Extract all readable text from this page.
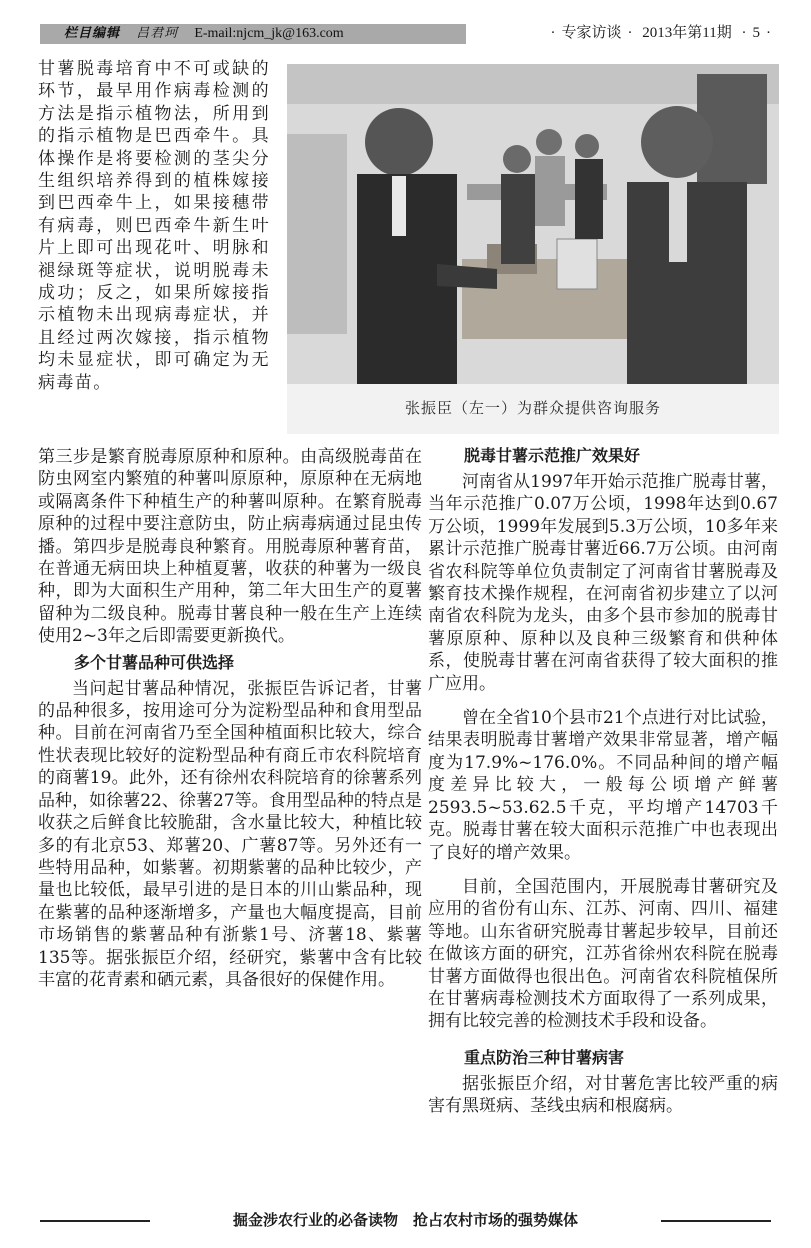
栏目编辑 吕君珂 E-mail:njcm_jk@163.com	· 专家访谈 · 2013年第11期 · 5 ·
张振臣（左一）为群众提供咨询服务

甘薯脱毒培育中不可或缺的环节，最早用作病毒检测的方法是指示植物法，所用到的指示植物是巴西牵牛。具体操作是将要检测的茎尖分生组织培养得到的植株嫁接到巴西牵牛上，如果接穗带有病毒，则巴西牵牛新生叶片上即可出现花叶、明脉和褪绿斑等症状，说明脱毒未成功；反之，如果所嫁接指示植物未出现病毒症状，并且经过两次嫁接，指示植物均未显症状，即可确定为无病毒苗。

第三步是繁育脱毒原原种和原种。由高级脱毒苗在防虫网室内繁殖的种薯叫原原种，原原种在无病地或隔离条件下种植生产的种薯叫原种。在繁育脱毒原种的过程中要注意防虫，防止病毒病通过昆虫传播。第四步是脱毒良种繁育。用脱毒原种薯育苗，在普通无病田块上种植夏薯，收获的种薯为一级良种，即为大面积生产用种，第二年大田生产的夏薯留种为二级良种。脱毒甘薯良种一般在生产上连续使用2~3年之后即需要更新换代。

多个甘薯品种可供选择

当问起甘薯品种情况，张振臣告诉记者，甘薯的品种很多，按用途可分为淀粉型品种和食用型品种。目前在河南省乃至全国种植面积比较大，综合性状表现比较好的淀粉型品种有商丘市农科院培育的商薯19。此外，还有徐州农科院培育的徐薯系列品种，如徐薯22、徐薯27等。食用型品种的特点是收获之后鲜食比较脆甜，含水量比较大，种植比较多的有北京53、郑薯20、广薯87等。另外还有一些特用品种，如紫薯。初期紫薯的品种比较少，产量也比较低，最早引进的是日本的川山紫品种，现在紫薯的品种逐渐增多，产量也大幅度提高，目前市场销售的紫薯品种有浙紫1号、济薯18、紫薯135等。据张振臣介绍，经研究，紫薯中含有比较丰富的花青素和硒元素，具备很好的保健作用。

脱毒甘薯示范推广效果好

河南省从1997年开始示范推广脱毒甘薯，当年示范推广0.07万公顷，1998年达到0.67万公顷，1999年发展到5.3万公顷，10多年来累计示范推广脱毒甘薯近66.7万公顷。由河南省农科院等单位负责制定了河南省甘薯脱毒及繁育技术操作规程，在河南省初步建立了以河南省农科院为龙头，由多个县市参加的脱毒甘薯原原种、原种以及良种三级繁育和供种体系，使脱毒甘薯在河南省获得了较大面积的推广应用。

曾在全省10个县市21个点进行对比试验，结果表明脱毒甘薯增产效果非常显著，增产幅度为17.9%~176.0%。不同品种间的增产幅度差异比较大，一般每公顷增产鲜薯2593.5~53.62.5千克，平均增产14703千克。脱毒甘薯在较大面积示范推广中也表现出了良好的增产效果。

目前，全国范围内，开展脱毒甘薯研究及应用的省份有山东、江苏、河南、四川、福建等地。山东省研究脱毒甘薯起步较早，目前还在做该方面的研究，江苏省徐州农科院在脱毒甘薯方面做得也很出色。河南省农科院植保所在甘薯病毒检测技术方面取得了一系列成果，拥有比较完善的检测技术手段和设备。

重点防治三种甘薯病害

据张振臣介绍，对甘薯危害比较严重的病害有黑斑病、茎线虫病和根腐病。

掘金涉农行业的必备读物　抢占农村市场的强势媒体
